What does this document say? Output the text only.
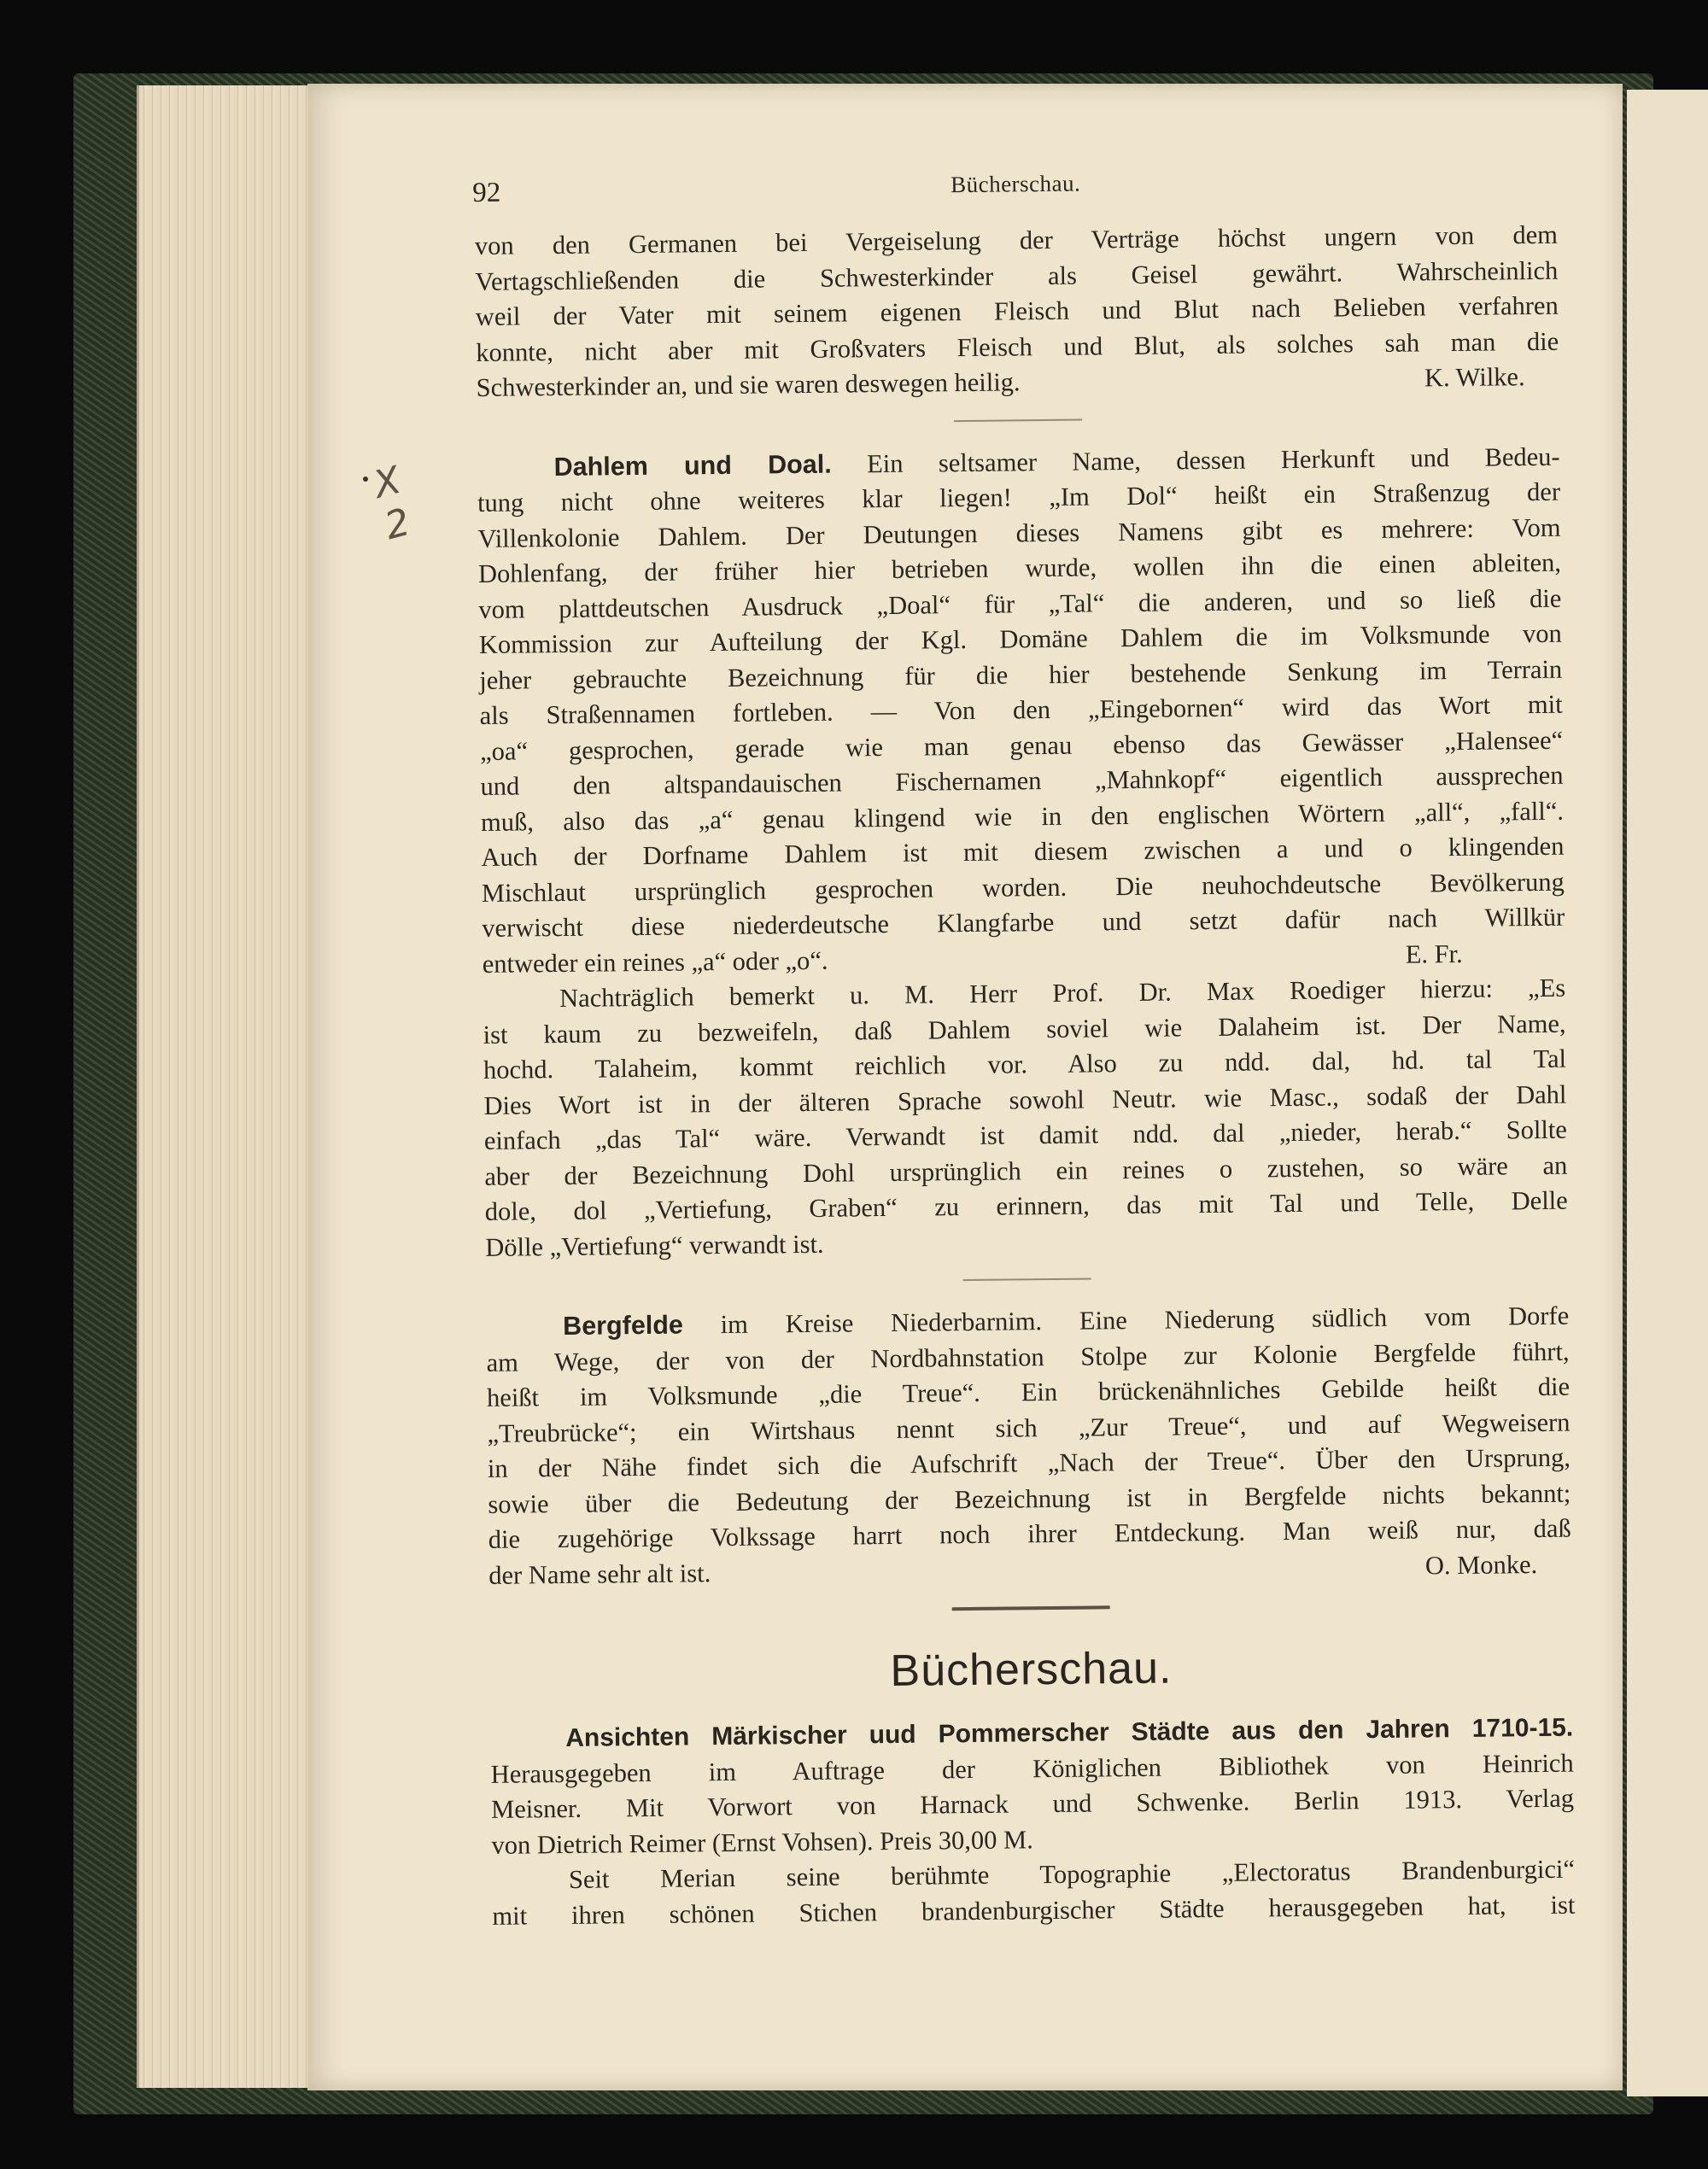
92	Bücherschau.
von den Germanen bei Vergeiselung der Verträge höchst ungern von dem
Vertagschließenden die Schwesterkinder als Geisel gewährt. Wahrscheinlich
weil der Vater mit seinem eigenen Fleisch und Blut nach Belieben verfahren
konnte, nicht aber mit Großvaters Fleisch und Blut, als solches sah man die
Schwesterkinder an, und sie waren deswegen heilig.	K. Wilke.
Dahlem und Doal. Ein seltsamer Name, dessen Herkunft und Bedeu-
tung nicht ohne weiteres klar liegen! „Im Dol“ heißt ein Straßenzug der
Villenkolonie Dahlem. Der Deutungen dieses Namens gibt es mehrere: Vom
Dohlenfang, der früher hier betrieben wurde, wollen ihn die einen ableiten,
vom plattdeutschen Ausdruck „Doal“ für „Tal“ die anderen, und so ließ die
Kommission zur Aufteilung der Kgl. Domäne Dahlem die im Volksmunde von
jeher gebrauchte Bezeichnung für die hier bestehende Senkung im Terrain
als Straßennamen fortleben. — Von den „Eingebornen“ wird das Wort mit
„oa“ gesprochen, gerade wie man genau ebenso das Gewässer „Halensee“
und den altspandauischen Fischernamen „Mahnkopf“ eigentlich aussprechen
muß, also das „a“ genau klingend wie in den englischen Wörtern „all“, „fall“.
Auch der Dorfname Dahlem ist mit diesem zwischen a und o klingenden
Mischlaut ursprünglich gesprochen worden. Die neuhochdeutsche Bevölkerung
verwischt diese niederdeutsche Klangfarbe und setzt dafür nach Willkür
entweder ein reines „a“ oder „o“.	E. Fr.
Nachträglich bemerkt u. M. Herr Prof. Dr. Max Roediger hierzu: „Es
ist kaum zu bezweifeln, daß Dahlem soviel wie Dalaheim ist. Der Name,
hochd. Talaheim, kommt reichlich vor. Also zu ndd. dal, hd. tal Tal
Dies Wort ist in der älteren Sprache sowohl Neutr. wie Masc., sodaß der Dahl
einfach „das Tal“ wäre. Verwandt ist damit ndd. dal „nieder, herab.“ Sollte
aber der Bezeichnung Dohl ursprünglich ein reines o zustehen, so wäre an
dole, dol „Vertiefung, Graben“ zu erinnern, das mit Tal und Telle, Delle
Dölle „Vertiefung“ verwandt ist.
Bergfelde im Kreise Niederbarnim. Eine Niederung südlich vom Dorfe
am Wege, der von der Nordbahnstation Stolpe zur Kolonie Bergfelde führt,
heißt im Volksmunde „die Treue“. Ein brückenähnliches Gebilde heißt die
„Treubrücke“; ein Wirtshaus nennt sich „Zur Treue“, und auf Wegweisern
in der Nähe findet sich die Aufschrift „Nach der Treue“. Über den Ursprung,
sowie über die Bedeutung der Bezeichnung ist in Bergfelde nichts bekannt;
die zugehörige Volkssage harrt noch ihrer Entdeckung. Man weiß nur, daß
der Name sehr alt ist.	O. Monke.
Bücherschau.
Ansichten Märkischer uud Pommerscher Städte aus den Jahren 1710-15.
Herausgegeben im Auftrage der Königlichen Bibliothek von Heinrich
Meisner. Mit Vorwort von Harnack und Schwenke. Berlin 1913. Verlag
von Dietrich Reimer (Ernst Vohsen). Preis 30,00 M.
Seit Merian seine berühmte Topographie „Electoratus Brandenburgici“
mit ihren schönen Stichen brandenburgischer Städte herausgegeben hat, ist
X
2
